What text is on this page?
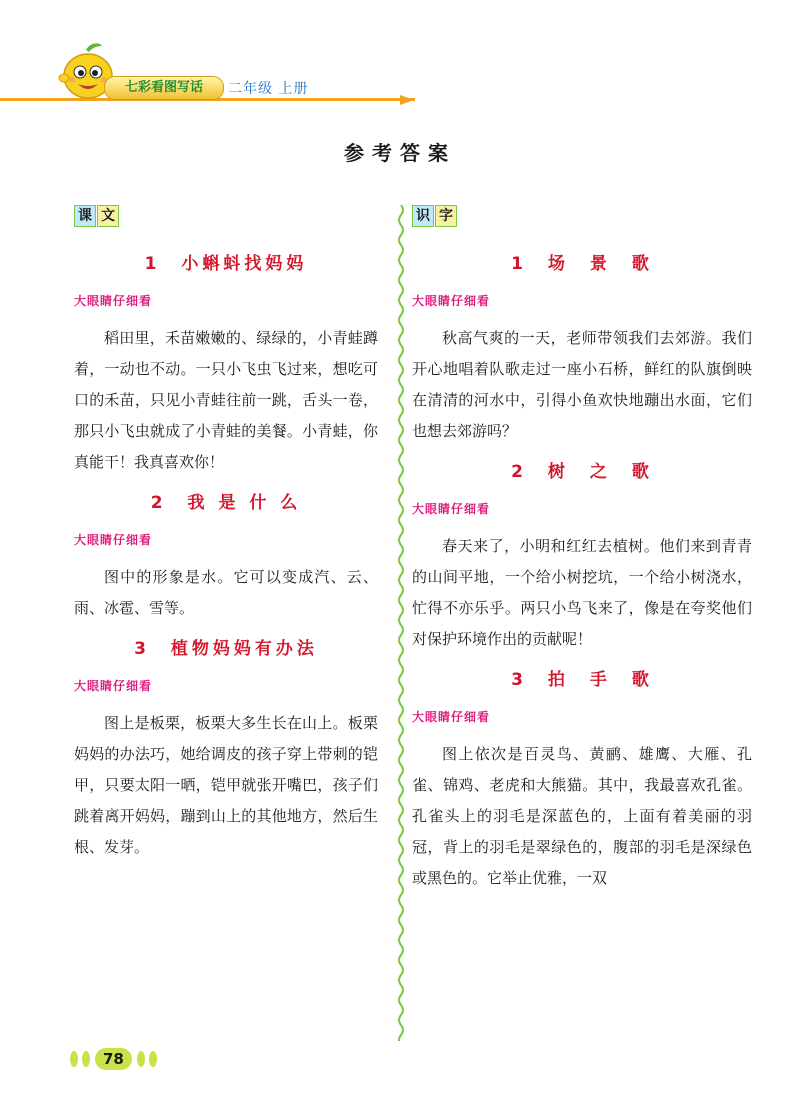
七彩看图写话	二年级 上册
参考答案
课 文
1　小蝌蚪找妈妈
大眼睛仔细看

稻田里，禾苗嫩嫩的、绿绿的，小青蛙蹲着，一动也不动。一只小飞虫飞过来，想吃可口的禾苗，只见小青蛙往前一跳，舌头一卷，那只小飞虫就成了小青蛙的美餐。小青蛙，你真能干！我真喜欢你！

2　我 是 什 么
大眼睛仔细看

图中的形象是水。它可以变成汽、云、雨、冰雹、雪等。

3　植物妈妈有办法
大眼睛仔细看

图上是板栗，板栗大多生长在山上。板栗妈妈的办法巧，她给调皮的孩子穿上带刺的铠甲，只要太阳一晒，铠甲就张开嘴巴，孩子们跳着离开妈妈，蹦到山上的其他地方，然后生根、发芽。

识 字
1　场　景　歌
大眼睛仔细看

秋高气爽的一天，老师带领我们去郊游。我们开心地唱着队歌走过一座小石桥，鲜红的队旗倒映在清清的河水中，引得小鱼欢快地蹦出水面，它们也想去郊游吗？

2　树　之　歌
大眼睛仔细看

春天来了，小明和红红去植树。他们来到青青的山间平地，一个给小树挖坑，一个给小树浇水，忙得不亦乐乎。两只小鸟飞来了，像是在夸奖他们对保护环境作出的贡献呢！

3　拍　手　歌
大眼睛仔细看

图上依次是百灵鸟、黄鹂、雄鹰、大雁、孔雀、锦鸡、老虎和大熊猫。其中，我最喜欢孔雀。孔雀头上的羽毛是深蓝色的，上面有着美丽的羽冠，背上的羽毛是翠绿色的，腹部的羽毛是深绿色或黑色的。它举止优雅，一双

78
